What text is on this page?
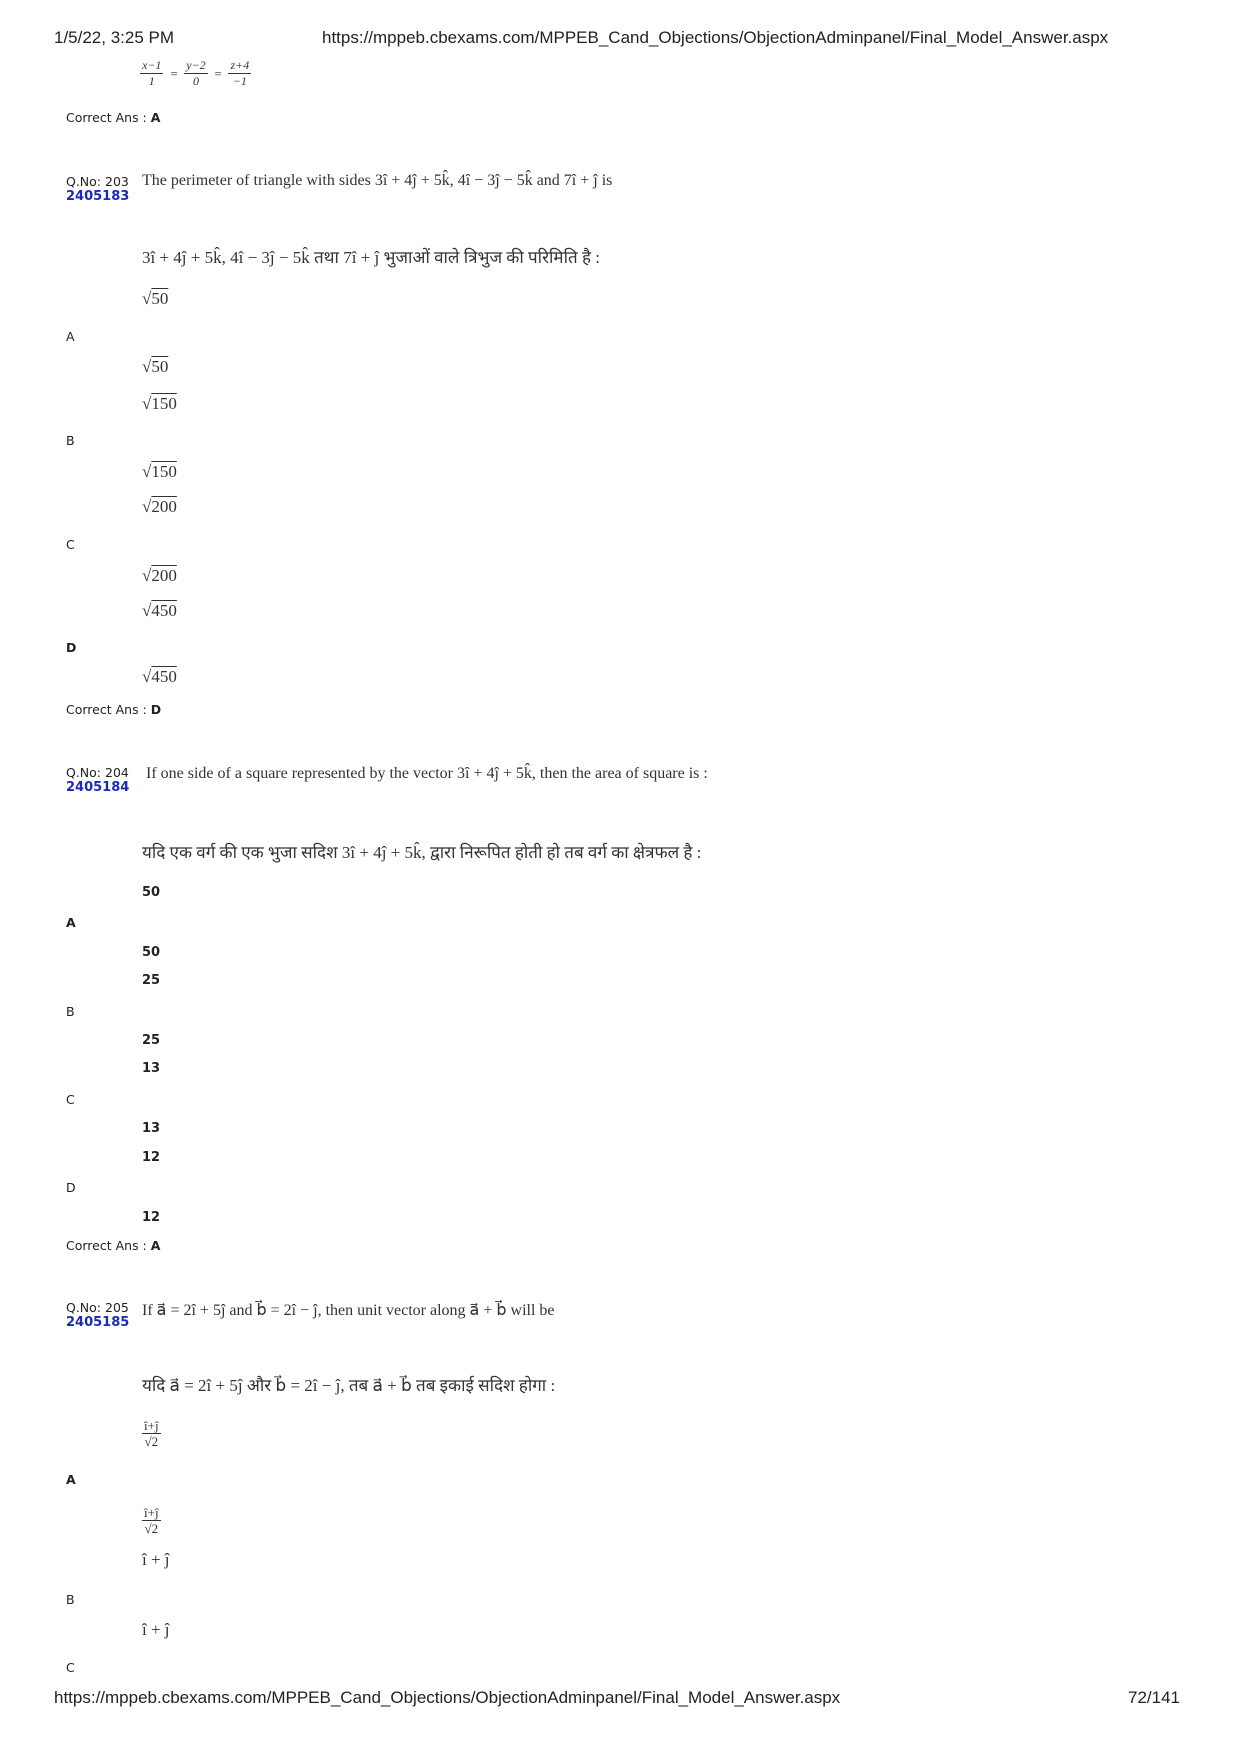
1/5/22, 3:25 PM	https://mppeb.cbexams.com/MPPEB_Cand_Objections/ObjectionAdminpanel/Final_Model_Answer.aspx
$\frac{x-1}{1} = \frac{y-2}{0} = \frac{z+4}{-1}$
Correct Ans : A
Q.No: 203
2405183
The perimeter of triangle with sides 3î + 4ĵ + 5k̂, 4î − 3ĵ − 5k̂ and 7î + ĵ is
3î + 4ĵ + 5k̂, 4î − 3ĵ − 5k̂ तथा 7î + ĵ भुजाओं वाले त्रिभुज की परिमिति है :
√50
A
√50
√150
B
√150
√200
C
√200
√450
D
√450
Correct Ans : D
Q.No: 204
2405184
If one side of a square represented by the vector 3î + 4ĵ + 5k̂, then the area of square is :
यदि एक वर्ग की एक भुजा सदिश 3î + 4ĵ + 5k̂, द्वारा निरूपित होती हो तब वर्ग का क्षेत्रफल है :
50
A
50
25
B
25
13
C
13
12
D
12
Correct Ans : A
Q.No: 205
2405185
If a⃗ = 2î + 5ĵ and b⃗ = 2î − ĵ, then unit vector along a⃗ + b⃗ will be
यदि a⃗ = 2î + 5ĵ और b⃗ = 2î − ĵ, तब a⃗ + b⃗ तब इकाई सदिश होगा :
$\frac{î+ĵ}{√2}$
A
$\frac{î+ĵ}{√2}$
î + ĵ
B
î + ĵ
C
https://mppeb.cbexams.com/MPPEB_Cand_Objections/ObjectionAdminpanel/Final_Model_Answer.aspx	72/141
